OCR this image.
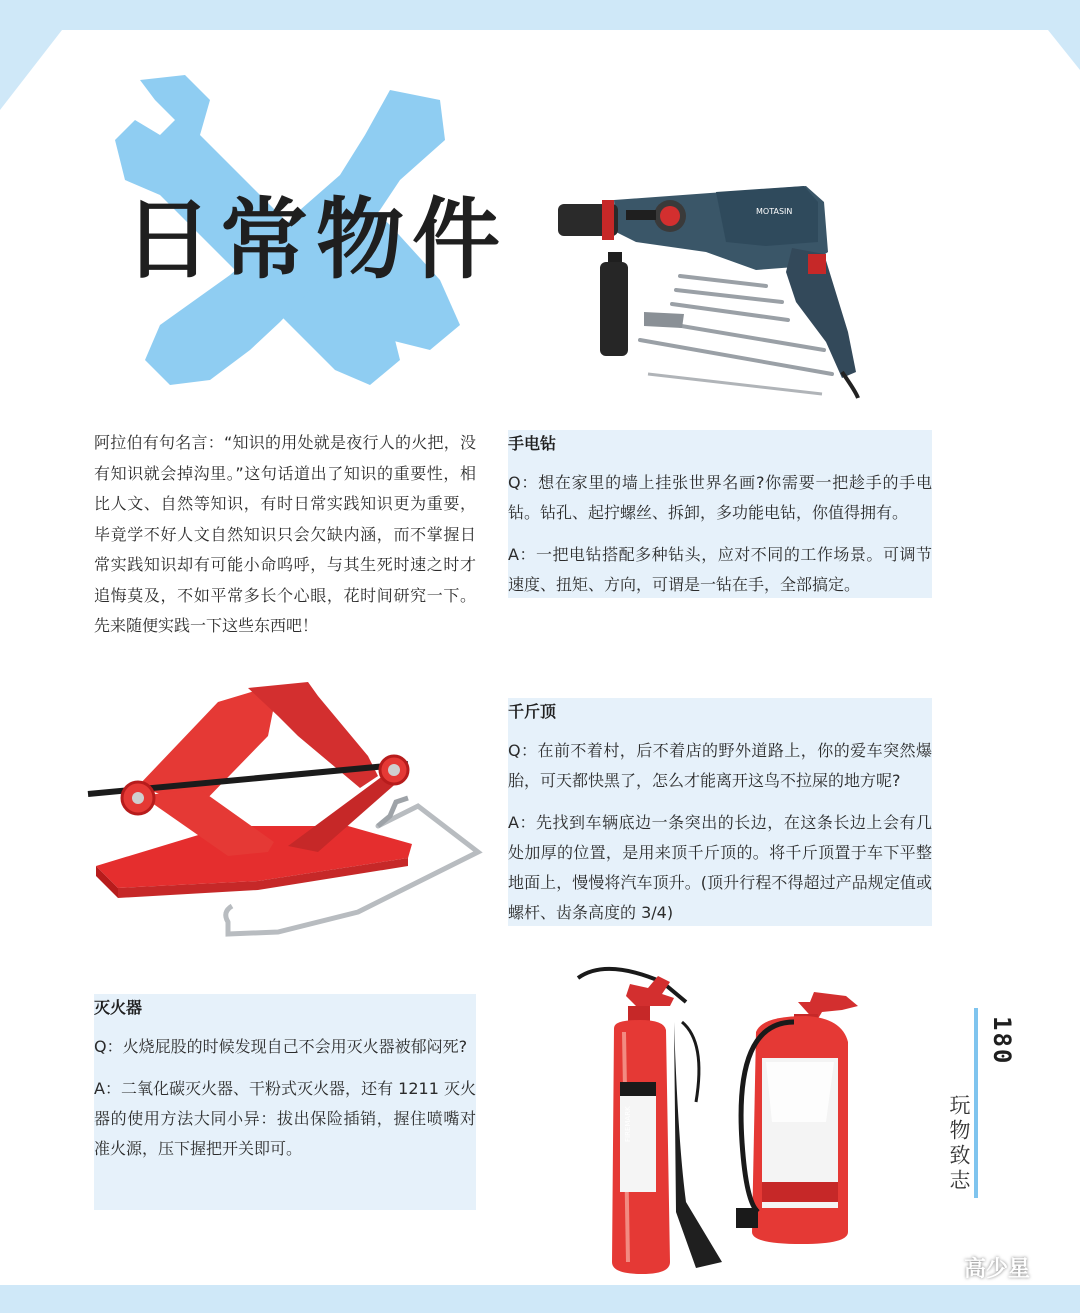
日常物件
阿拉伯有句名言：“知识的用处就是夜行人的火把，没有知识就会掉沟里。”这句话道出了知识的重要性，相比人文、自然等知识，有时日常实践知识更为重要，毕竟学不好人文自然知识只会欠缺内涵，而不掌握日常实践知识却有可能小命呜呼，与其生死时速之时才追悔莫及，不如平常多长个心眼，花时间研究一下。先来随便实践一下这些东西吧！
MOTASIN
手电钻

Q：想在家里的墙上挂张世界名画?你需要一把趁手的手电钻。钻孔、起拧螺丝、拆卸，多功能电钻，你值得拥有。

A：一把电钻搭配多种钻头，应对不同的工作场景。可调节速度、扭矩、方向，可谓是一钻在手，全部搞定。

千斤顶

Q：在前不着村，后不着店的野外道路上，你的爱车突然爆胎，可天都快黑了，怎么才能离开这鸟不拉屎的地方呢?

A：先找到车辆底边一条突出的长边，在这条长边上会有几处加厚的位置，是用来顶千斤顶的。将千斤顶置于车下平整地面上，慢慢将汽车顶升。(顶升行程不得超过产品规定值或螺杆、齿条高度的 3/4)

灭火器

Q：火烧屁股的时候发现自己不会用灭火器被郁闷死?

A：二氧化碳灭火器、干粉式灭火器，还有 1211 灭火器的使用方法大同小异：拔出保险插销，握住喷嘴对准火源，压下握把开关即可。

FIREMARK
180
玩物致志
高少星
